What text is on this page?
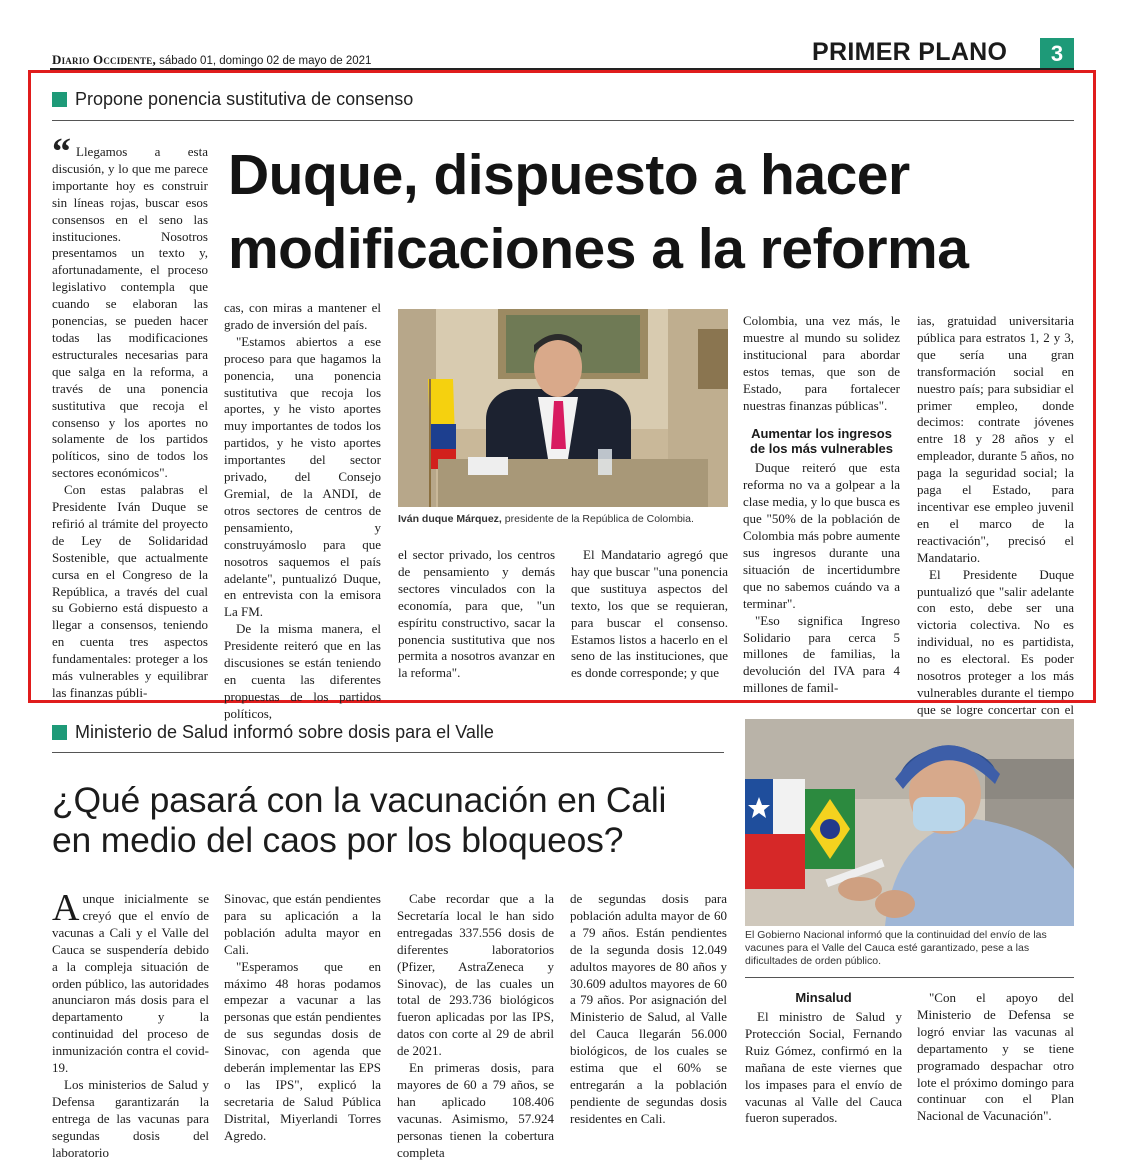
Diario Occidente, sábado 01, domingo 02 de mayo de 2021	PRIMER PLANO	3
Propone ponencia sustitutiva de consenso
Duque, dispuesto a hacer
modificaciones a la reforma
“ Llegamos a esta discusión, y lo que me parece importante hoy es construir sin líneas rojas, buscar esos consensos en el seno las instituciones. Nosotros presentamos un texto y, afortunadamente, el proceso legislativo contempla que cuando se elaboran las ponencias, se pueden hacer todas las modificaciones estructurales necesarias para que salga en la reforma, a través de una ponencia sustitutiva que recoja el consenso y los aportes no solamente de los partidos políticos, sino de todos los sectores económicos".

Con estas palabras el Presidente Iván Duque se refirió al trámite del proyecto de Ley de Solidaridad Sostenible, que actualmente cursa en el Congreso de la República, a través del cual su Gobierno está dispuesto a llegar a consensos, teniendo en cuenta tres aspectos fundamentales: proteger a los más vulnerables y equilibrar las finanzas públi-

cas, con miras a mantener el grado de inversión del país.

"Estamos abiertos a ese proceso para que hagamos la ponencia, una ponencia sustitutiva que recoja los aportes, y he visto aportes muy importantes de todos los partidos, y he visto aportes importantes del sector privado, del Consejo Gremial, de la ANDI, de otros sectores de centros de pensamiento, y construyámoslo para que nosotros saquemos el país adelante", puntualizó Duque, en entrevista con la emisora La FM.

De la misma manera, el Presidente reiteró que en las discusiones se están teniendo en cuenta las diferentes propuestas de los partidos políticos,

Iván duque Márquez, presidente de la República de Colombia.

el sector privado, los centros de pensamiento y demás sectores vinculados con la economía, para que, "un espíritu constructivo, sacar la ponencia sustitutiva que nos permita a nosotros avanzar en la reforma".

El Mandatario agregó que hay que buscar "una ponencia que sustituya aspectos del texto, los que se requieran, para buscar el consenso. Estamos listos a hacerlo en el seno de las instituciones, que es donde corresponde; y que

Colombia, una vez más, le muestre al mundo su solidez institucional para abordar estos temas, que son de Estado, para fortalecer nuestras finanzas públicas".

Aumentar los ingresos de los más vulnerables

Duque reiteró que esta reforma no va a golpear a la clase media, y lo que busca es que "50% de la población de Colombia más pobre aumente sus ingresos durante una situación de incertidumbre que no sabemos cuándo va a terminar".

"Eso significa Ingreso Solidario para cerca 5 millones de familias, la devolución del IVA para 4 millones de famil-

ias, gratuidad universitaria pública para estratos 1, 2 y 3, que sería una gran transformación social en nuestro país; para subsidiar el primer empleo, donde decimos: contrate jóvenes entre 18 y 28 años y el empleador, durante 5 años, no paga la seguridad social; la paga el Estado, para incentivar ese empleo juvenil en el marco de la reactivación", precisó el Mandatario.

El Presidente Duque puntualizó que "salir adelante con esto, debe ser una victoria colectiva. No es individual, no es partidista, no es electoral. Es poder nosotros proteger a los más vulnerables durante el tiempo que se logre concertar con el

Ministerio de Salud informó sobre dosis para el Valle
¿Qué pasará con la vacunación en Cali
en medio del caos por los bloqueos?

Aunque inicialmente se creyó que el envío de vacunas a Cali y el Valle del Cauca se suspendería debido a la compleja situación de orden público, las autoridades anunciaron más dosis para el departamento y la continuidad del proceso de inmunización contra el covid-19.

Los ministerios de Salud y Defensa garantizarán la entrega de las vacunas para segundas dosis del laboratorio

Sinovac, que están pendientes para su aplicación a la población adulta mayor en Cali.

"Esperamos que en máximo 48 horas podamos empezar a vacunar a las personas que están pendientes de sus segundas dosis de Sinovac, con agenda que deberán implementar las EPS o las IPS", explicó la secretaria de Salud Pública Distrital, Miyerlandi Torres Agredo.

Cabe recordar que a la Secretaría local le han sido entregadas 337.556 dosis de diferentes laboratorios (Pfizer, AstraZeneca y Sinovac), de las cuales un total de 293.736 biológicos fueron aplicadas por las IPS, datos con corte al 29 de abril de 2021.

En primeras dosis, para mayores de 60 a 79 años, se han aplicado 108.406 vacunas. Asimismo, 57.924 personas tienen la cobertura completa

de segundas dosis para población adulta mayor de 60 a 79 años. Están pendientes de la segunda dosis 12.049 adultos mayores de 80 años y 30.609 adultos mayores de 60 a 79 años. Por asignación del Ministerio de Salud, al Valle del Cauca llegarán 56.000 biológicos, de los cuales se estima que el 60% se entregarán a la población pendiente de segundas dosis residentes en Cali.

El Gobierno Nacional informó que la continuidad del envío de las vacunes para el Valle del Cauca esté garantizado, pese a las dificultades de orden público.
Minsalud

El ministro de Salud y Protección Social, Fernando Ruiz Gómez, confirmó en la mañana de este viernes que los impases para el envío de vacunas al Valle del Cauca fueron superados.

"Con el apoyo del Ministerio de Defensa se logró enviar las vacunas al departamento y se tiene programado despachar otro lote el próximo domingo para continuar con el Plan Nacional de Vacunación".
